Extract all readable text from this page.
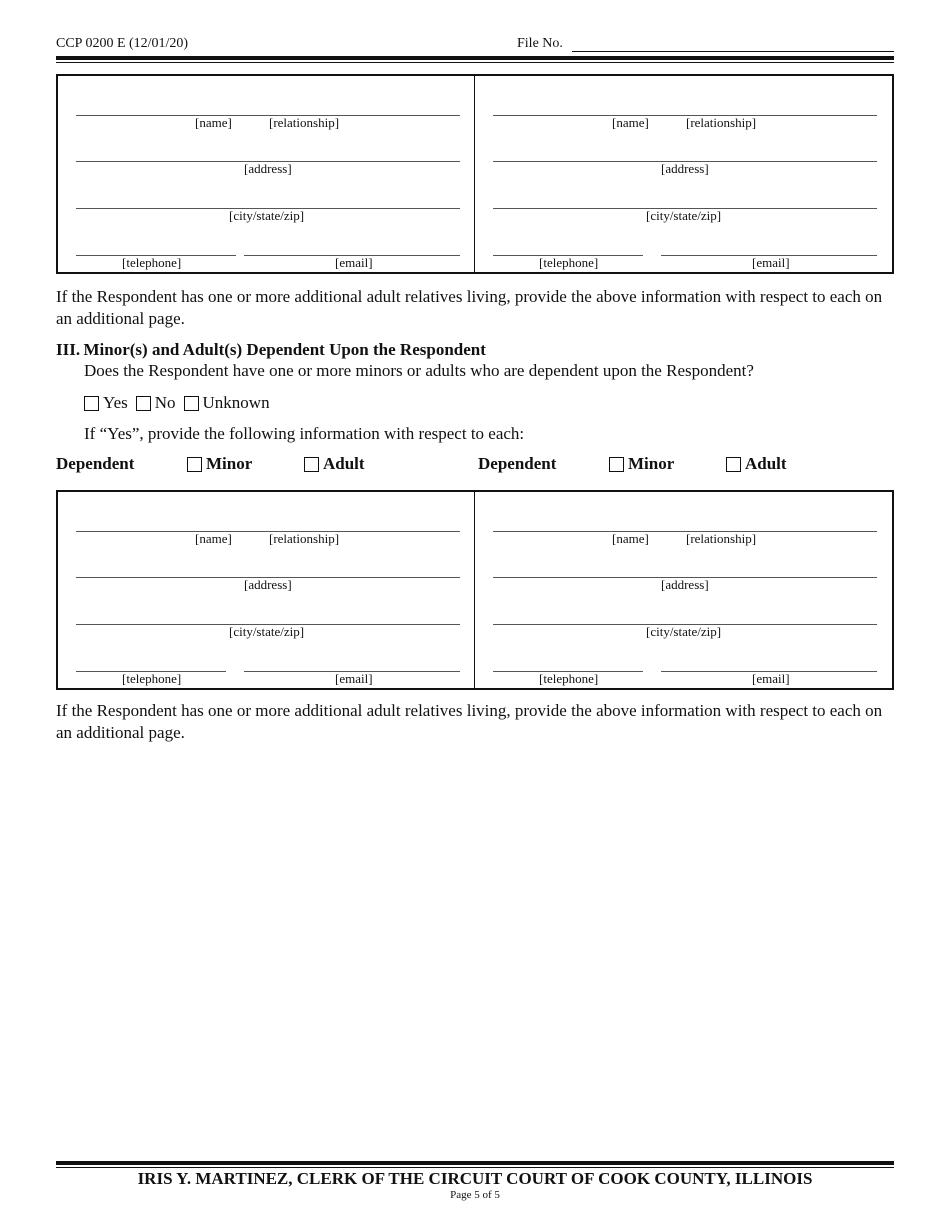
CCP 0200 E (12/01/20)	File No.
[name]	[relationship]
[address]
[city/state/zip]
[telephone]	[email]
[name]	[relationship]
[address]
[city/state/zip]
[telephone]	[email]
If the Respondent has one or more additional adult relatives living, provide the above information with respect to each on an additional page.
III. Minor(s) and Adult(s) Dependent Upon the Respondent
Does the Respondent have one or more minors or adults who are dependent upon the Respondent?
Yes No Unknown
If “Yes”, provide the following information with respect to each:
Dependent	Minor	Adult	Dependent	Minor	Adult
[name]	[relationship]
[address]
[city/state/zip]
[telephone]	[email]
[name]	[relationship]
[address]
[city/state/zip]
[telephone]	[email]
If the Respondent has one or more additional adult relatives living, provide the above information with respect to each on an additional page.
IRIS Y. MARTINEZ, CLERK OF THE CIRCUIT COURT OF COOK COUNTY, ILLINOIS
Page 5 of 5
